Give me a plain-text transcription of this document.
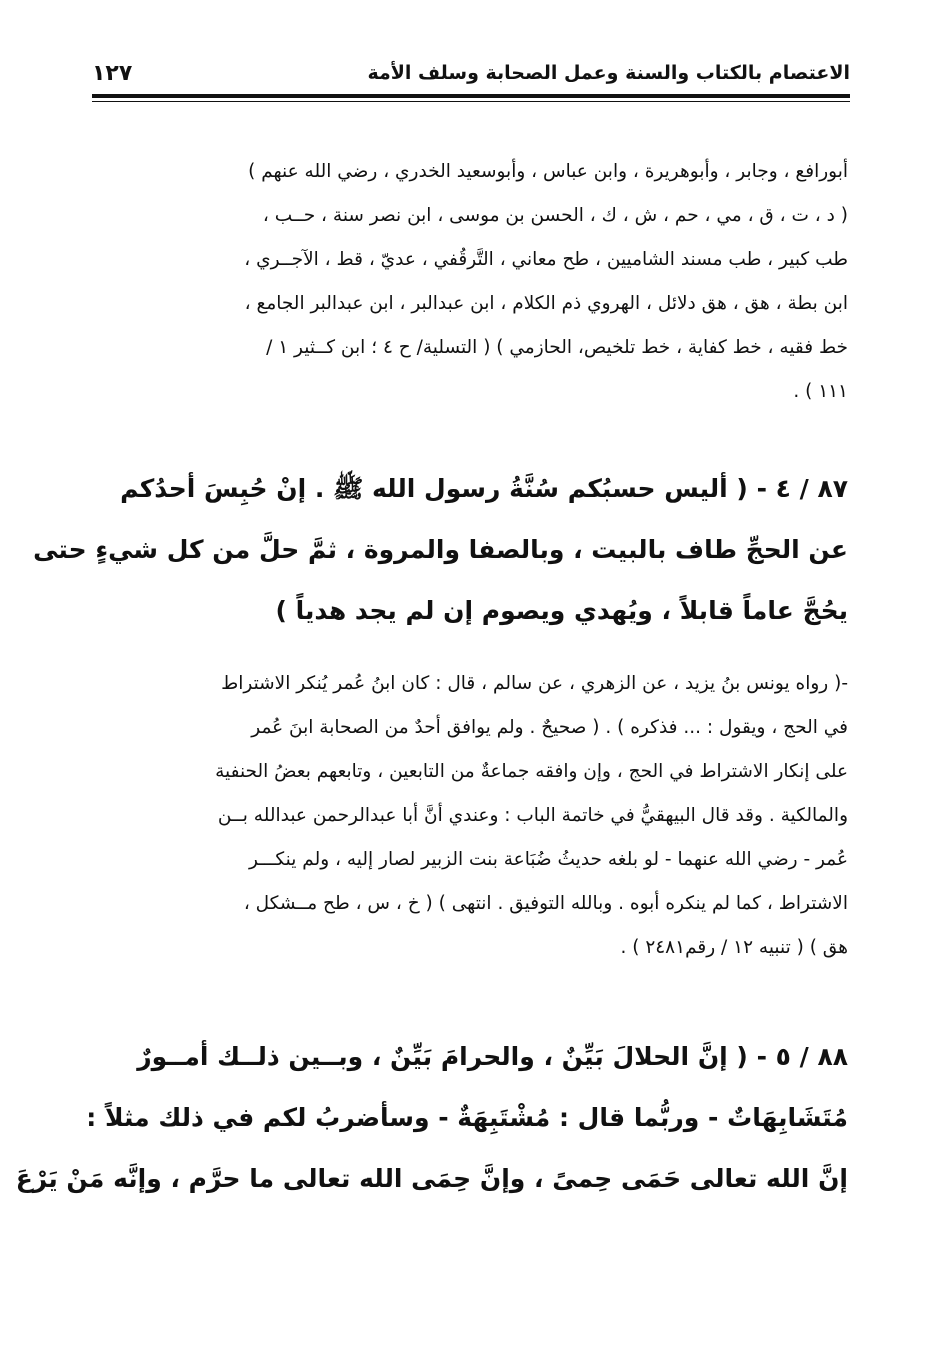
الاعتصام بالكتاب والسنة وعمل الصحابة وسلف الأمة
١٢٧
أبورافع ، وجابر ، وأبوهريرة ، وابن عباس ، وأبوسعيد الخدري ، رضي الله عنهم )
( د ، ت ، ق ، مي ، حم ، ش ، ك ، الحسن بن موسى ، ابن نصر سنة ، حــب ،
طب كبير ، طب مسند الشاميين ، طح معاني ، التَّرقُفي ، عديّ ، قط ، الآجــري ،
ابن بطة ، هق ، هق دلائل ، الهروي ذم الكلام ، ابن عبدالبر ، ابن عبدالبر الجامع ،
خط فقيه ، خط كفاية ، خط تلخيص، الحازمي ) ( التسلية/ ح ٤ ؛ ابن كــثير ١ /
١١١ ) .
٨٧ / ٤ - ( أليس حسبُكم سُنَّةُ رسول الله ﷺ . إنْ حُبِسَ أحدُكم
عن الحجِّ طاف بالبيت ، وبالصفا والمروة ، ثمَّ حلَّ من كل شيءٍ حتى
يحُجَّ عاماً قابلاً ، ويُهدي ويصوم إن لم يجد هدياً )
-( رواه يونس بنُ يزيد ، عن الزهري ، عن سالم ، قال : كان ابنُ عُمر يُنكر الاشتراط
في الحج ، ويقول : ... فذكره ) . ( صحيحٌ . ولم يوافق أحدٌ من الصحابة ابنَ عُمر
على إنكار الاشتراط في الحج ، وإن وافقه جماعةٌ من التابعين ، وتابعهم بعضُ الحنفية
والمالكية . وقد قال البيهقيُّ في خاتمة الباب : وعندي أنَّ أبا عبدالرحمن عبدالله بــن
عُمر - رضي الله عنهما - لو بلغه حديثُ ضُبَاعة بنت الزبير لصار إليه ، ولم ينكـــر
الاشتراط ، كما لم ينكره أبوه . وبالله التوفيق . انتهى ) ( خ ، س ، طح مــشكل ،
هق ) ( تنبيه ١٢ / رقم٢٤٨١ ) .
٨٨ / ٥ - ( إنَّ الحلالَ بَيِّنٌ ، والحرامَ بَيِّنٌ ، وبــين ذلــك أمــورٌ
مُتَشَابِهَاتٌ - وربُّما قال : مُشْتَبِهَةٌ - وسأضربُ لكم في ذلك مثلاً :
إنَّ الله تعالى حَمَى حِمىً ، وإنَّ حِمَى الله تعالى ما حرَّم ، وإنَّه مَنْ يَرْعَ
